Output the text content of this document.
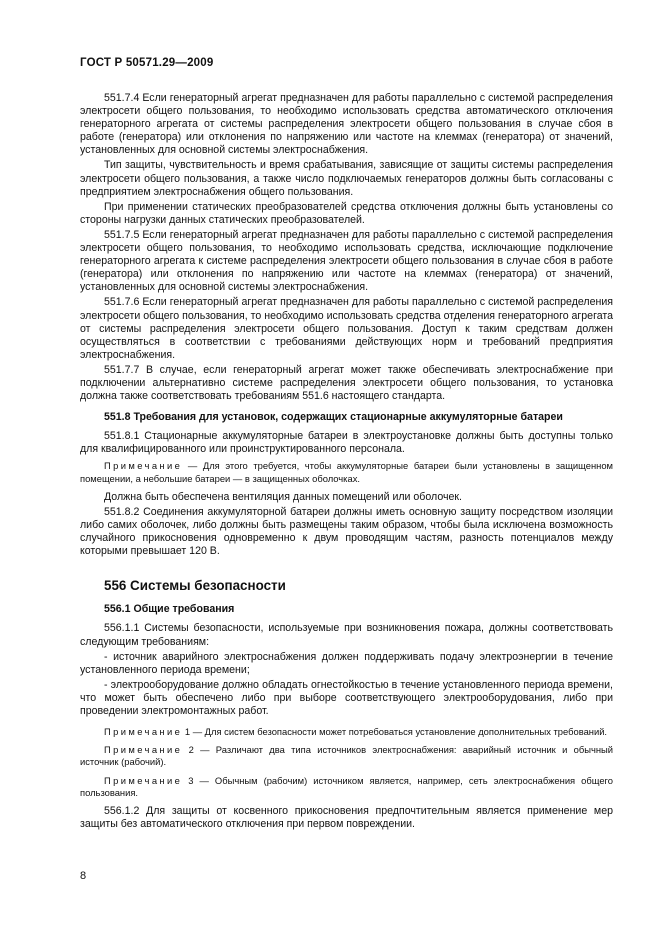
ГОСТ Р 50571.29—2009

551.7.4 Если генераторный агрегат предназначен для работы параллельно с системой распределения электросети общего пользования, то необходимо использовать средства автоматического отключения генераторного агрегата от системы распределения электросети общего пользования в случае сбоя в работе (генератора) или отклонения по напряжению или частоте на клеммах (генератора) от значений, установленных для основной системы электроснабжения.

Тип защиты, чувствительность и время срабатывания, зависящие от защиты системы распределения электросети общего пользования, а также число подключаемых генераторов должны быть согласованы с предприятием электроснабжения общего пользования.

При применении статических преобразователей средства отключения должны быть установлены со стороны нагрузки данных статических преобразователей.

551.7.5 Если генераторный агрегат предназначен для работы параллельно с системой распределения электросети общего пользования, то необходимо использовать средства, исключающие подключение генераторного агрегата к системе распределения электросети общего пользования в случае сбоя в работе (генератора) или отклонения по напряжению или частоте на клеммах (генератора) от значений, установленных для основной системы электроснабжения.

551.7.6 Если генераторный агрегат предназначен для работы параллельно с системой распределения электросети общего пользования, то необходимо использовать средства отделения генераторного агрегата от системы распределения электросети общего пользования. Доступ к таким средствам должен осуществляться в соответствии с требованиями действующих норм и требований предприятия электроснабжения.

551.7.7 В случае, если генераторный агрегат может также обеспечивать электроснабжение при подключении альтернативно системе распределения электросети общего пользования, то установка должна также соответствовать требованиям 551.6 настоящего стандарта.

551.8 Требования для установок, содержащих стационарные аккумуляторные батареи

551.8.1 Стационарные аккумуляторные батареи в электроустановке должны быть доступны только для квалифицированного или проинструктированного персонала.

Примечание — Для этого требуется, чтобы аккумуляторные батареи были установлены в защищенном помещении, а небольшие батареи — в защищенных оболочках.

Должна быть обеспечена вентиляция данных помещений или оболочек.

551.8.2 Соединения аккумуляторной батареи должны иметь основную защиту посредством изоляции либо самих оболочек, либо должны быть размещены таким образом, чтобы была исключена возможность случайного прикосновения одновременно к двум проводящим частям, разность потенциалов между которыми превышает 120 В.

556 Системы безопасности

556.1 Общие требования

556.1.1 Системы безопасности, используемые при возникновения пожара, должны соответствовать следующим требованиям:

- источник аварийного электроснабжения должен поддерживать подачу электроэнергии в течение установленного периода времени;

- электрооборудование должно обладать огнестойкостью в течение установленного периода времени, что может быть обеспечено либо при выборе соответствующего электрооборудования, либо при проведении электромонтажных работ.

Примечание 1 — Для систем безопасности может потребоваться установление дополнительных требований.

Примечание 2 — Различают два типа источников электроснабжения: аварийный источник и обычный источник (рабочий).

Примечание 3 — Обычным (рабочим) источником является, например, сеть электроснабжения общего пользования.

556.1.2 Для защиты от косвенного прикосновения предпочтительным является применение мер защиты без автоматического отключения при первом повреждении.

8
